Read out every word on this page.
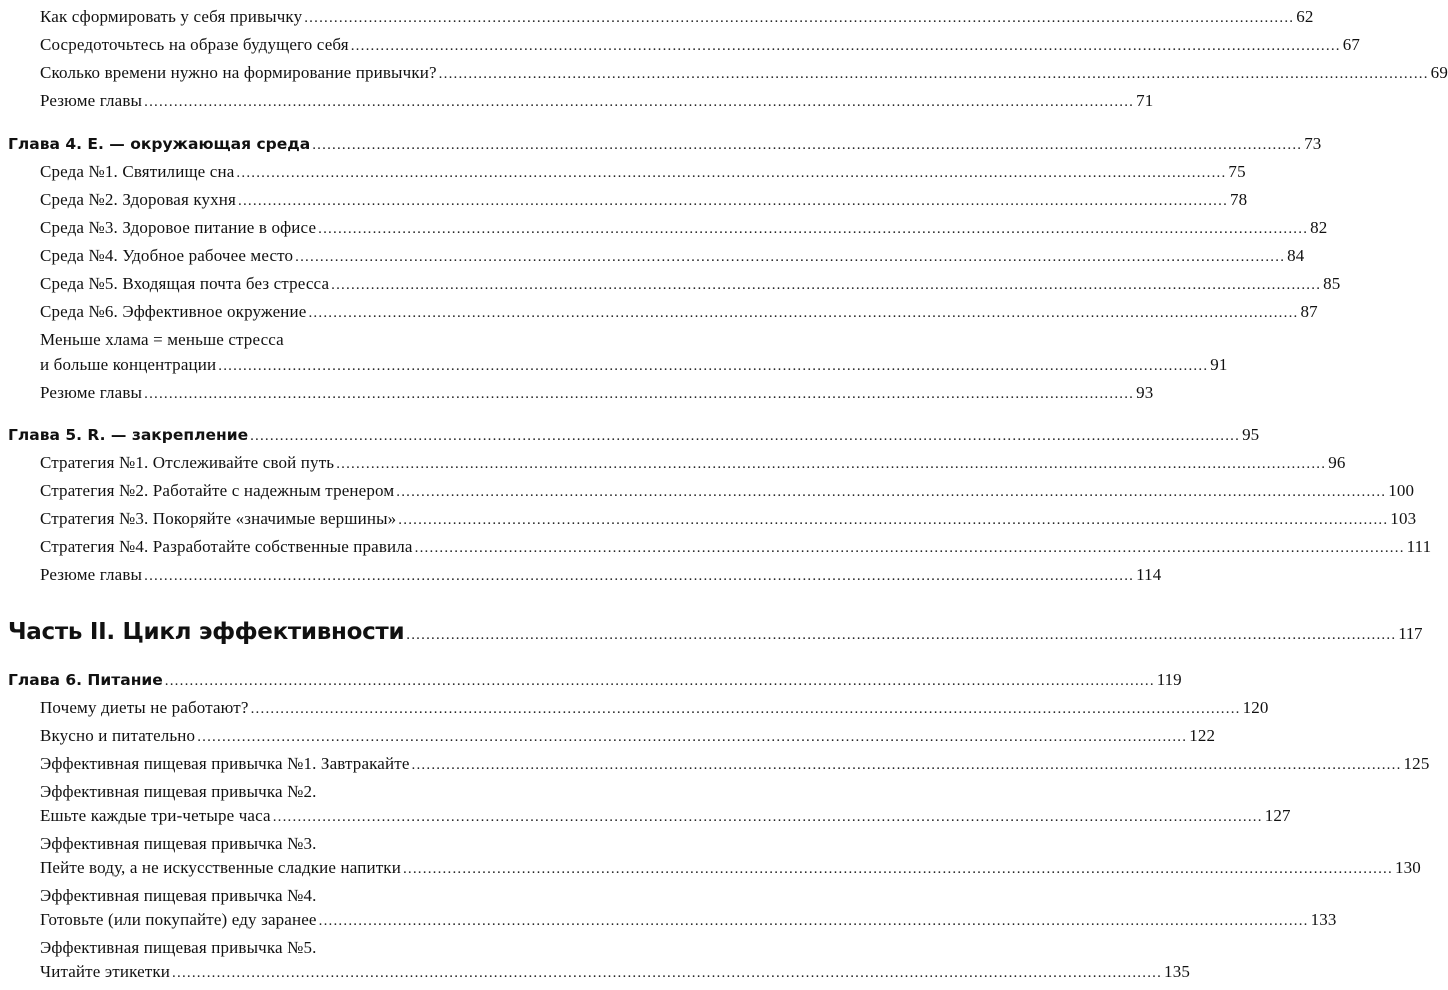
Как сформировать у себя привычку ........................................................................................................................................................................................................ 62
Сосредоточьтесь на образе будущего себя ........................................................................................................................................................................................................ 67
Сколько времени нужно на формирование привычки? ........................................................................................................................................................................................................ 69
Резюме главы ........................................................................................................................................................................................................ 71
Глава 4. Е. — окружающая среда ........................................................................................................................................................................................................ 73
Среда №1. Святилище сна ........................................................................................................................................................................................................ 75
Среда №2. Здоровая кухня ........................................................................................................................................................................................................ 78
Среда №3. Здоровое питание в офисе ........................................................................................................................................................................................................ 82
Среда №4. Удобное рабочее место ........................................................................................................................................................................................................ 84
Среда №5. Входящая почта без стресса ........................................................................................................................................................................................................ 85
Среда №6. Эффективное окружение ........................................................................................................................................................................................................ 87
Меньше хлама = меньше стресса
и больше концентрации ........................................................................................................................................................................................................ 91
Резюме главы ........................................................................................................................................................................................................ 93
Глава 5. R. — закрепление ........................................................................................................................................................................................................ 95
Стратегия №1. Отслеживайте свой путь ........................................................................................................................................................................................................ 96
Стратегия №2. Работайте с надежным тренером ........................................................................................................................................................................................................ 100
Стратегия №3. Покоряйте «значимые вершины» ........................................................................................................................................................................................................ 103
Стратегия №4. Разработайте собственные правила ........................................................................................................................................................................................................ 111
Резюме главы ........................................................................................................................................................................................................ 114
Часть II. Цикл эффективности ........................................................................................................................................................................................................ 117
Глава 6. Питание ........................................................................................................................................................................................................ 119
Почему диеты не работают? ........................................................................................................................................................................................................ 120
Вкусно и питательно ........................................................................................................................................................................................................ 122
Эффективная пищевая привычка №1. Завтракайте ........................................................................................................................................................................................................ 125
Эффективная пищевая привычка №2.
Ешьте каждые три-четыре часа ........................................................................................................................................................................................................ 127
Эффективная пищевая привычка №3.
Пейте воду, а не искусственные сладкие напитки ........................................................................................................................................................................................................ 130
Эффективная пищевая привычка №4.
Готовьте (или покупайте) еду заранее ........................................................................................................................................................................................................ 133
Эффективная пищевая привычка №5.
Читайте этикетки ........................................................................................................................................................................................................ 135
